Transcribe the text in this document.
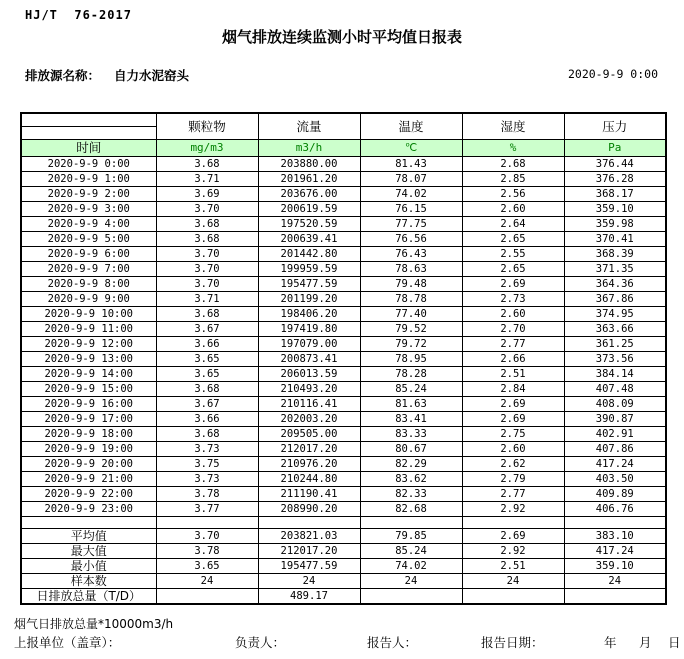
HJ/T  76-2017
烟气排放连续监测小时平均值日报表
排放源名称： 自力水泥窑头	2020-9-9 0:00
	颗粒物	流量	温度	湿度	压力

时间	mg/m3	m3/h	℃	%	Pa
2020-9-9 0:00	3.68	203880.00	81.43	2.68	376.44
2020-9-9 1:00	3.71	201961.20	78.07	2.85	376.28
2020-9-9 2:00	3.69	203676.00	74.02	2.56	368.17
2020-9-9 3:00	3.70	200619.59	76.15	2.60	359.10
2020-9-9 4:00	3.68	197520.59	77.75	2.64	359.98
2020-9-9 5:00	3.68	200639.41	76.56	2.65	370.41
2020-9-9 6:00	3.70	201442.80	76.43	2.55	368.39
2020-9-9 7:00	3.70	199959.59	78.63	2.65	371.35
2020-9-9 8:00	3.70	195477.59	79.48	2.69	364.36
2020-9-9 9:00	3.71	201199.20	78.78	2.73	367.86
2020-9-9 10:00	3.68	198406.20	77.40	2.60	374.95
2020-9-9 11:00	3.67	197419.80	79.52	2.70	363.66
2020-9-9 12:00	3.66	197079.00	79.72	2.77	361.25
2020-9-9 13:00	3.65	200873.41	78.95	2.66	373.56
2020-9-9 14:00	3.65	206013.59	78.28	2.51	384.14
2020-9-9 15:00	3.68	210493.20	85.24	2.84	407.48
2020-9-9 16:00	3.67	210116.41	81.63	2.69	408.09
2020-9-9 17:00	3.66	202003.20	83.41	2.69	390.87
2020-9-9 18:00	3.68	209505.00	83.33	2.75	402.91
2020-9-9 19:00	3.73	212017.20	80.67	2.60	407.86
2020-9-9 20:00	3.75	210976.20	82.29	2.62	417.24
2020-9-9 21:00	3.73	210244.80	83.62	2.79	403.50
2020-9-9 22:00	3.78	211190.41	82.33	2.77	409.89
2020-9-9 23:00	3.77	208990.20	82.68	2.92	406.76

平均值	3.70	203821.03	79.85	2.69	383.10
最大值	3.78	212017.20	85.24	2.92	417.24
最小值	3.65	195477.59	74.02	2.51	359.10
样本数	24	24	24	24	24
日排放总量（T/D）		489.17			
烟气日排放总量*10000m3/h
上报单位（盖章）：	负责人：	报告人：	报告日期：	年 月 日
